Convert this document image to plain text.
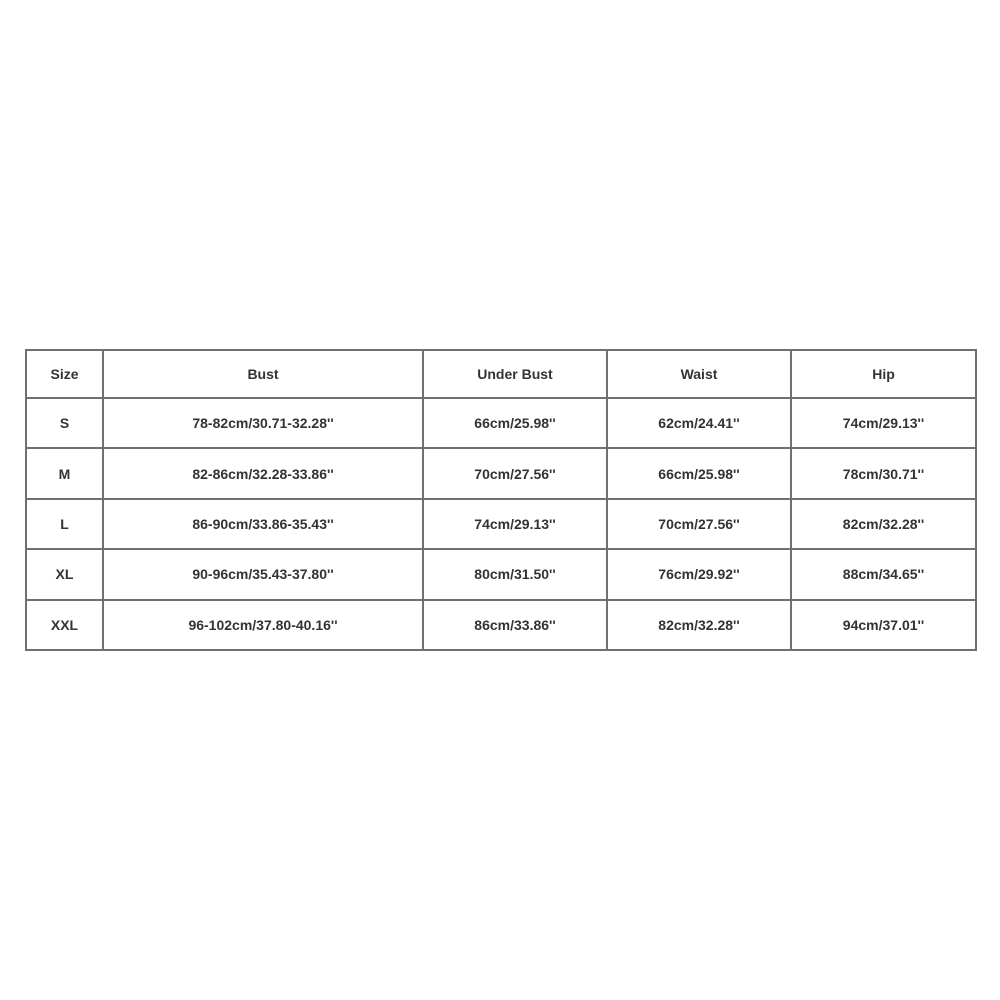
Size	Bust	Under Bust	Waist	Hip
S	78-82cm/30.71-32.28''	66cm/25.98''	62cm/24.41''	74cm/29.13''
M	82-86cm/32.28-33.86''	70cm/27.56''	66cm/25.98''	78cm/30.71''
L	86-90cm/33.86-35.43''	74cm/29.13''	70cm/27.56''	82cm/32.28''
XL	90-96cm/35.43-37.80''	80cm/31.50''	76cm/29.92''	88cm/34.65''
XXL	96-102cm/37.80-40.16''	86cm/33.86''	82cm/32.28''	94cm/37.01''
